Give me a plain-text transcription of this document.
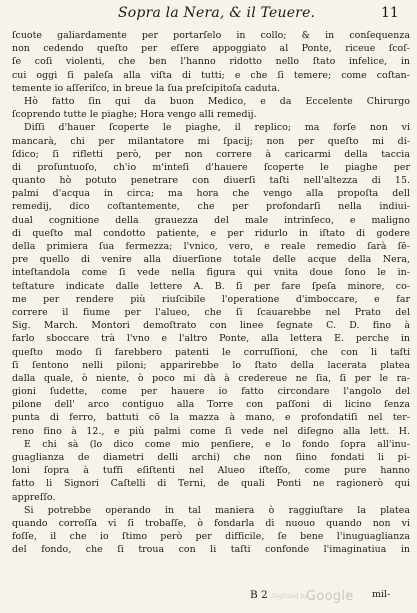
Sopra la Nera, & il Teuere.	11
ſcuote galiardamente per portarſelo in collo; & in conſequenza
non cedendo queſto per eſſere appoggiato al Ponte, riceue ſcoſ-
ſe coſi violenti, che ben l'hanno ridotto nello ſtato infelice, in
cui oggi ſi paleſa alla viſta di tutti; e che ſi temere; come coſtan-
temente io aſſeriſco, in breue la ſua preſcipitoſa caduta.
Hò fatto ſin qui da buon Medico, e da Eccelente Chirurgo
ſcoprendo tutte le piaghe; Hora vengo alli remedij.
Diſſi d'hauer ſcoperte le piaghe, il replico; ma forſe non vi
mancarà, chi per milantatore mi ſpacij; non per queſto mi di-
ſdico; ſi rifletti però, per non correre à caricarmi della taccia
di proſuntuoſo, ch'io m'inteſi d'hauere ſcoperte le piaghe per
quanto hò potuto penetrare con diuerſi taſti nell'altezza di 15.
palmi d'acqua in circa; ma hora che vengo alla propoſta dell
remedij, dico coſtantemente, che per profondarſi nella indiui-
dual cognitione della grauezza del male intrinſeco, e maligno
di queſto mal condotto patiente, e per ridurlo in iſtato di godere
della primiera ſua fermezza; l'vnico, vero, e reale remedio ſarà ſē-
pre quello di venire alla diuerſione totale delle acque della Nera,
inteſtandola come ſi vede nella figura qui vnita doue ſono le in-
teſtature indicate dalle lettere A. B. ſi per fare ſpeſa minore, co-
me per rendere più riuſcibile l'operatione d'imboccare, e far
correre il fiume per l'alueo, che ſi ſcauarebbe nel Prato del
Sig. March. Montori demoſtrato con linee ſegnate C. D. fino à
farlo sboccare trà l'vno e l'altro Ponte, alla lettera E. perche in
queſto modo ſi farebbero patenti le corruſſioni, che con li taſti
ſi ſentono nelli piloni; apparirebbe lo ſtato della lacerata platea
dalla quale, ò niente, ò poco mi dà à credereue ne ſia, ſi per le ra-
gioni ſudette, come per hauere io fatto circondare l'angolo del
pilone dell' arco contiguo alla Torre con paſſoni di licino ſenza
punta di ferro, battuti cō la mazza à mano, e profondatiſi nel ter-
reno fino à 12., e più palmi come ſi vede nel diſegno alla lett. H.
E chi sà (lo dico come mio penſiere, e lo fondo ſopra all'inu-
guaglianza de diametri delli archi) che non ſiino fondati li pi-
loni ſopra à tuffi eſiſtenti nel Alueo iſteſſo, come pure hanno
fatto li Signori Caſtelli di Terni, de quali Ponti ne ragionerò qui
appreſſo.
Si potrebbe operando in tal maniera ò raggiuſtare la platea
quando corroſſa vi ſi trobaſſe, ò fondarla di nuouo quando non vi
foſſe, il che io ſtimo però per difficile, ſe bene l'inuguaglianza
del fondo, che ſi troua con li taſti confonde l'imaginatiua in
B 2 Digitized by
Google mil-
